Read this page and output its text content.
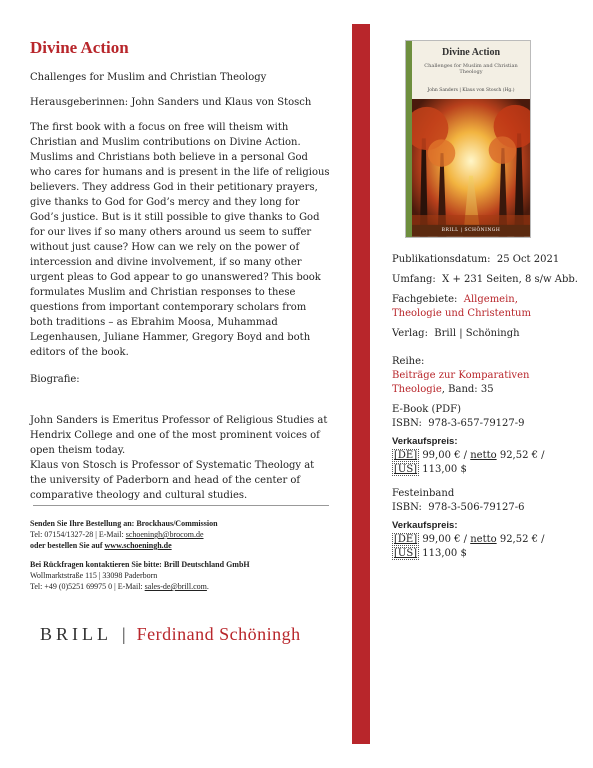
Divine Action

Challenges for Muslim and Christian Theology

Herausgeberinnen: John Sanders und Klaus von Stosch

The first book with a focus on free will theism with Christian and Muslim contributions on Divine Action. Muslims and Christians both believe in a personal God who cares for humans and is present in the life of religious believers. They address God in their petitionary prayers, give thanks to God for God’s mercy and they long for God’s justice. But is it still possible to give thanks to God for our lives if so many others around us seem to suffer without just cause? How can we rely on the power of intercession and divine involvement, if so many other urgent pleas to God appear to go unanswered? This book formulates Muslim and Christian responses to these questions from important contemporary scholars from both traditions – as Ebrahim Moosa, Muhammad Legenhausen, Juliane Hammer, Gregory Boyd and both editors of the book.

Biografie:

John Sanders is Emeritus Professor of Religious Studies at Hendrix College and one of the most prominent voices of open theism today.

Klaus von Stosch is Professor of Systematic Theology at the university of Paderborn and head of the center of comparative theology and cultural studies.

Senden Sie Ihre Bestellung an: Brockhaus/Commission
Tel: 07154/1327-28 | E-Mail: schoeningh@brocom.de
oder bestellen Sie auf www.schoeningh.de
Bei Rückfragen kontaktieren Sie bitte: Brill Deutschland GmbH
Wollmarktstraße 115 | 33098 Paderborn
Tel: +49 (0)5251 69975 0 | E-Mail: sales-de@brill.com.
BRILL | Ferdinand Schöningh
Divine Action
Challenges for Muslim and Christian Theology
John Sanders | Klaus von Stosch (Hg.)
BRILL | SCHÖNINGH
Publikationsdatum: 25 Oct 2021
Umfang: X + 231 Seiten, 8 s/w Abb.
Fachgebiete: Allgemein,
Theologie und Christentum
Verlag: Brill | Schöningh
Reihe:
Beiträge zur Komparativen Theologie, Band: 35
E-Book (PDF)
ISBN: 978-3-657-79127-9
Verkaufspreis:
[DE] 99,00 € / netto 92,52 € /
[US] 113,00 $
Festeinband
ISBN: 978-3-506-79127-6
Verkaufspreis:
[DE] 99,00 € / netto 92,52 € /
[US] 113,00 $
